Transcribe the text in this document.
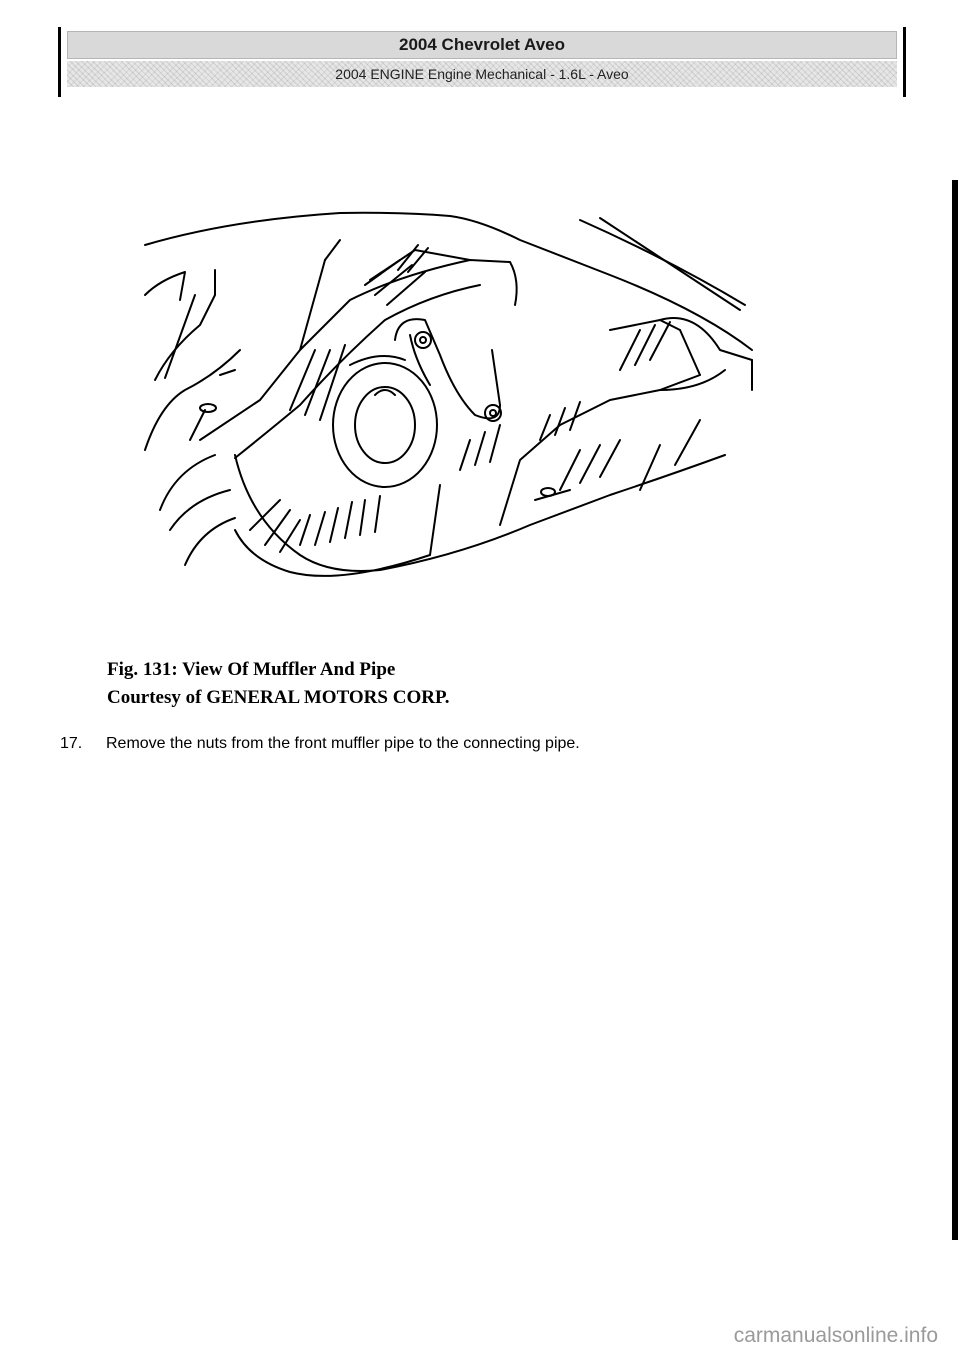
2004 Chevrolet Aveo
2004 ENGINE Engine Mechanical - 1.6L - Aveo
Fig. 131: View Of Muffler And Pipe
Courtesy of GENERAL MOTORS CORP.
17. Remove the nuts from the front muffler pipe to the connecting pipe.
carmanualsonline.info
